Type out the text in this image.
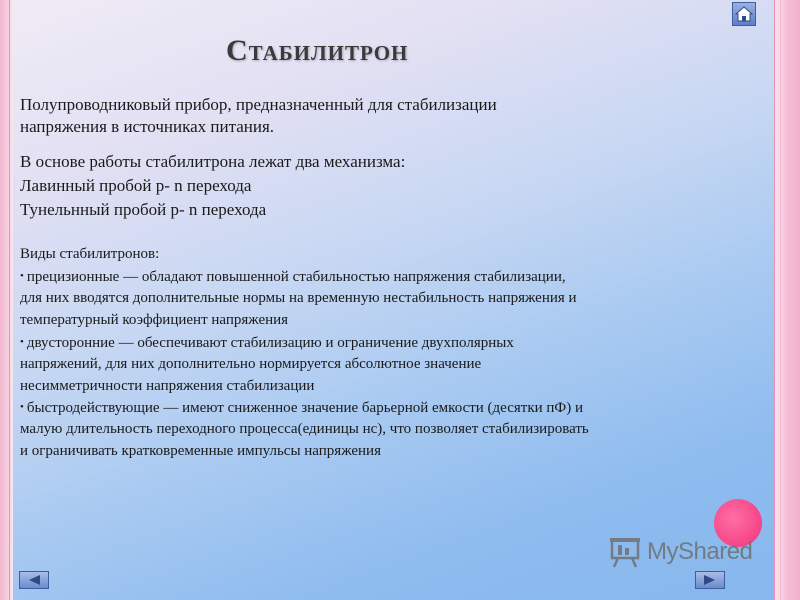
Стабилитрон

Полупроводниковый прибор, предназначенный для стабилизации

напряжения в источниках питания.

В основе работы стабилитрона лежат два механизма:

Лавинный пробой р- n перехода

Тунельнный пробой р- n перехода

Виды стабилитронов:

• прецизионные — обладают повышенной стабильностью напряжения стабилизации,

для них вводятся дополнительные нормы на временную нестабильность напряжения и

температурный коэффициент напряжения

• двусторонние — обеспечивают стабилизацию и ограничение двухполярных

напряжений, для них дополнительно нормируется абсолютное значение

несимметричности напряжения стабилизации

• быстродействующие — имеют сниженное значение барьерной емкости (десятки пФ) и

малую длительность переходного процесса(единицы нс), что позволяет стабилизировать

и ограничивать кратковременные импульсы напряжения

MyShared
